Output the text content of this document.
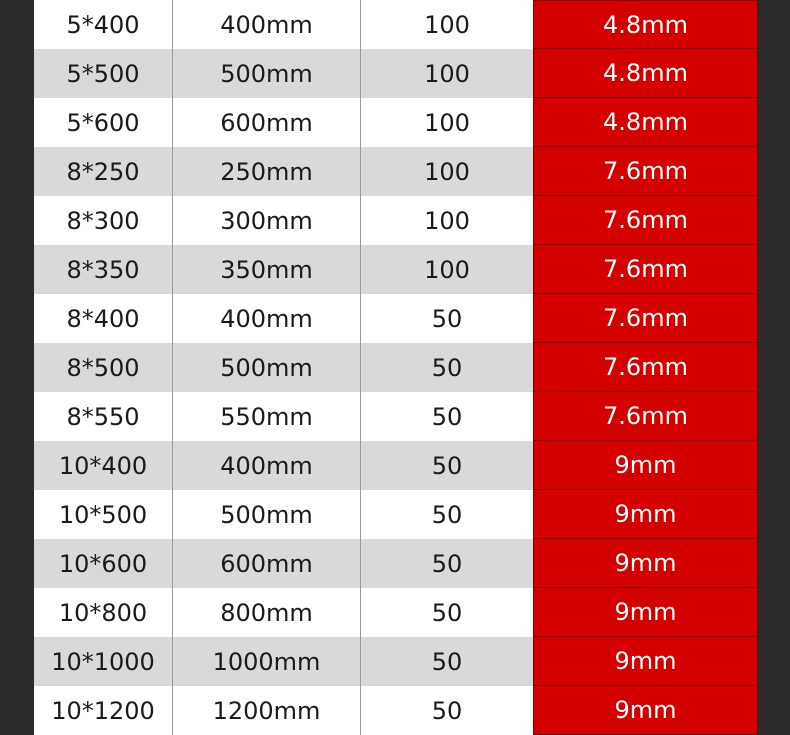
5*400	400mm	100	4.8mm
5*500	500mm	100	4.8mm
5*600	600mm	100	4.8mm
8*250	250mm	100	7.6mm
8*300	300mm	100	7.6mm
8*350	350mm	100	7.6mm
8*400	400mm	50	7.6mm
8*500	500mm	50	7.6mm
8*550	550mm	50	7.6mm
10*400	400mm	50	9mm
10*500	500mm	50	9mm
10*600	600mm	50	9mm
10*800	800mm	50	9mm
10*1000	1000mm	50	9mm
10*1200	1200mm	50	9mm
